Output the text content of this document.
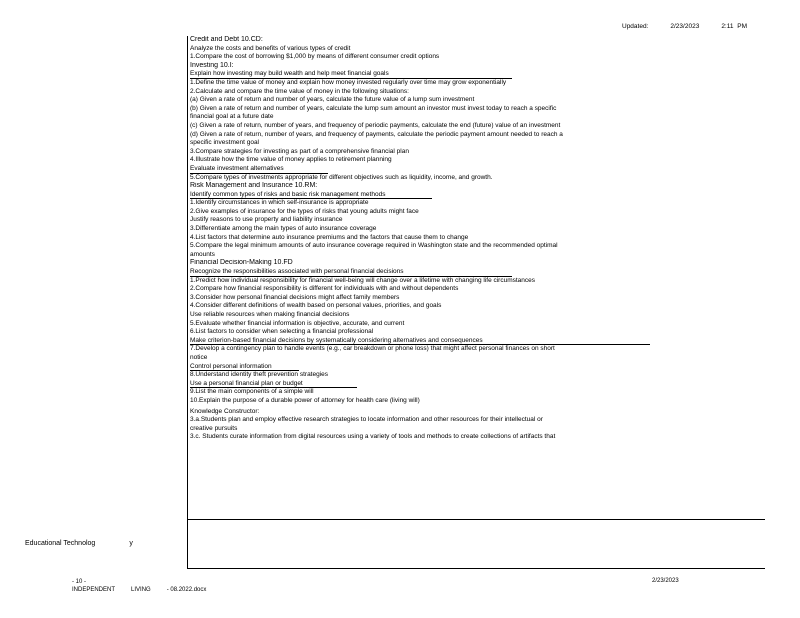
Updated:	2/23/2023	2:11 PM
Credit and Debt 10.CD:
Analyze the costs and benefits of various types of credit
1.Compare the cost of borrowing $1,000 by means of different consumer credit options
Investing 10.I:
Explain how investing may build wealth and help meet financial goals
1.Define the time value of money and explain how money invested regularly over time may grow exponentially
2.Calculate and compare the time value of money in the following situations:
(a) Given a rate of return and number of years, calculate the future value of a lump sum investment
(b) Given a rate of return and number of years, calculate the lump sum amount an investor must invest today to reach a specific
financial goal at a future date
(c) Given a rate of return, number of years, and frequency of periodic payments, calculate the end (future) value of an investment
(d) Given a rate of return, number of years, and frequency of payments, calculate the periodic payment amount needed to reach a
specific investment goal
3.Compare strategies for investing as part of a comprehensive financial plan
4.Illustrate how the time value of money applies to retirement planning
Evaluate investment alternatives
5.Compare types of investments appropriate for different objectives such as liquidity, income, and growth.
Risk Management and Insurance 10.RM:
Identify common types of risks and basic risk management methods
1.Identify circumstances in which self-insurance is appropriate
2.Give examples of insurance for the types of risks that young adults might face
Justify reasons to use property and liability insurance
3.Differentiate among the main types of auto insurance coverage
4.List factors that determine auto insurance premiums and the factors that cause them to change
5.Compare the legal minimum amounts of auto insurance coverage required in Washington state and the recommended optimal
amounts
Financial Decision-Making 10.FD
Recognize the responsibilities associated with personal financial decisions
1.Predict how individual responsibility for financial well-being will change over a lifetime with changing life circumstances
2.Compare how financial responsibility is different for individuals with and without dependents
3.Consider how personal financial decisions might affect family members
4.Consider different definitions of wealth based on personal values, priorities, and goals
Use reliable resources when making financial decisions
5.Evaluate whether financial information is objective, accurate, and current
6.List factors to consider when selecting a financial professional
Make criterion-based financial decisions by systematically considering alternatives and consequences
7.Develop a contingency plan to handle events (e.g., car breakdown or phone loss) that might affect personal finances on short
notice
Control personal information
8.Understand identity theft prevention strategies
Use a personal financial plan or budget
9.List the main components of a simple will
10.Explain the purpose of a durable power of attorney for health care (living will)
Knowledge Constructor:
3.a.Students plan and employ effective research strategies to locate information and other resources for their intellectual or
creative pursuits
3.c. Students curate information from digital resources using a variety of tools and methods to create collections of artifacts that
Educational Technolog	y
- 10 -
INDEPENDENT	LIVING	- 08.2022.docx
2/23/2023
